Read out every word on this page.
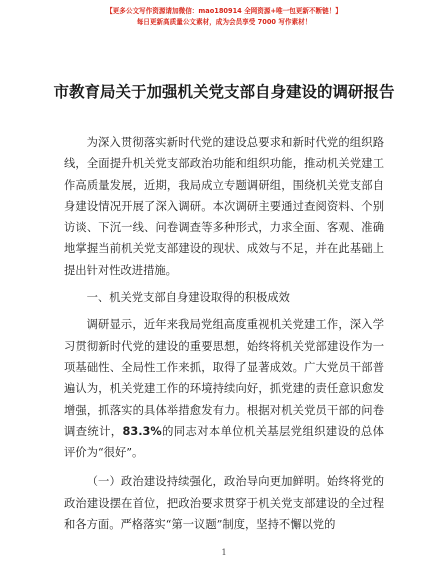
【更多公文写作资源请加微信：mao180914 全网资源+唯一包更新不断链！】
每日更新高质量公文素材，成为会员享受 7000 写作素材！
市教育局关于加强机关党支部自身建设的调研报告

为深入贯彻落实新时代党的建设总要求和新时代党的组织路线，全面提升机关党支部政治功能和组织功能，推动机关党建工作高质量发展，近期，我局成立专题调研组，围绕机关党支部自身建设情况开展了深入调研。本次调研主要通过查阅资料、个别访谈、下沉一线、问卷调查等多种形式，力求全面、客观、准确地掌握当前机关党支部建设的现状、成效与不足，并在此基础上提出针对性改进措施。

一、机关党支部自身建设取得的积极成效

调研显示，近年来我局党组高度重视机关党建工作，深入学习贯彻新时代党的建设的重要思想，始终将机关党部建设作为一项基础性、全局性工作来抓，取得了显著成效。广大党员干部普遍认为，机关党建工作的环境持续向好，抓党建的责任意识愈发增强，抓落实的具体举措愈发有力。根据对机关党员干部的问卷调查统计，83.3%的同志对本单位机关基层党组织建设的总体评价为“很好”。

（一）政治建设持续强化，政治导向更加鲜明。始终将党的政治建设摆在首位，把政治要求贯穿于机关党支部建设的全过程和各方面。严格落实“第一议题”制度，坚持不懈以党的

1
